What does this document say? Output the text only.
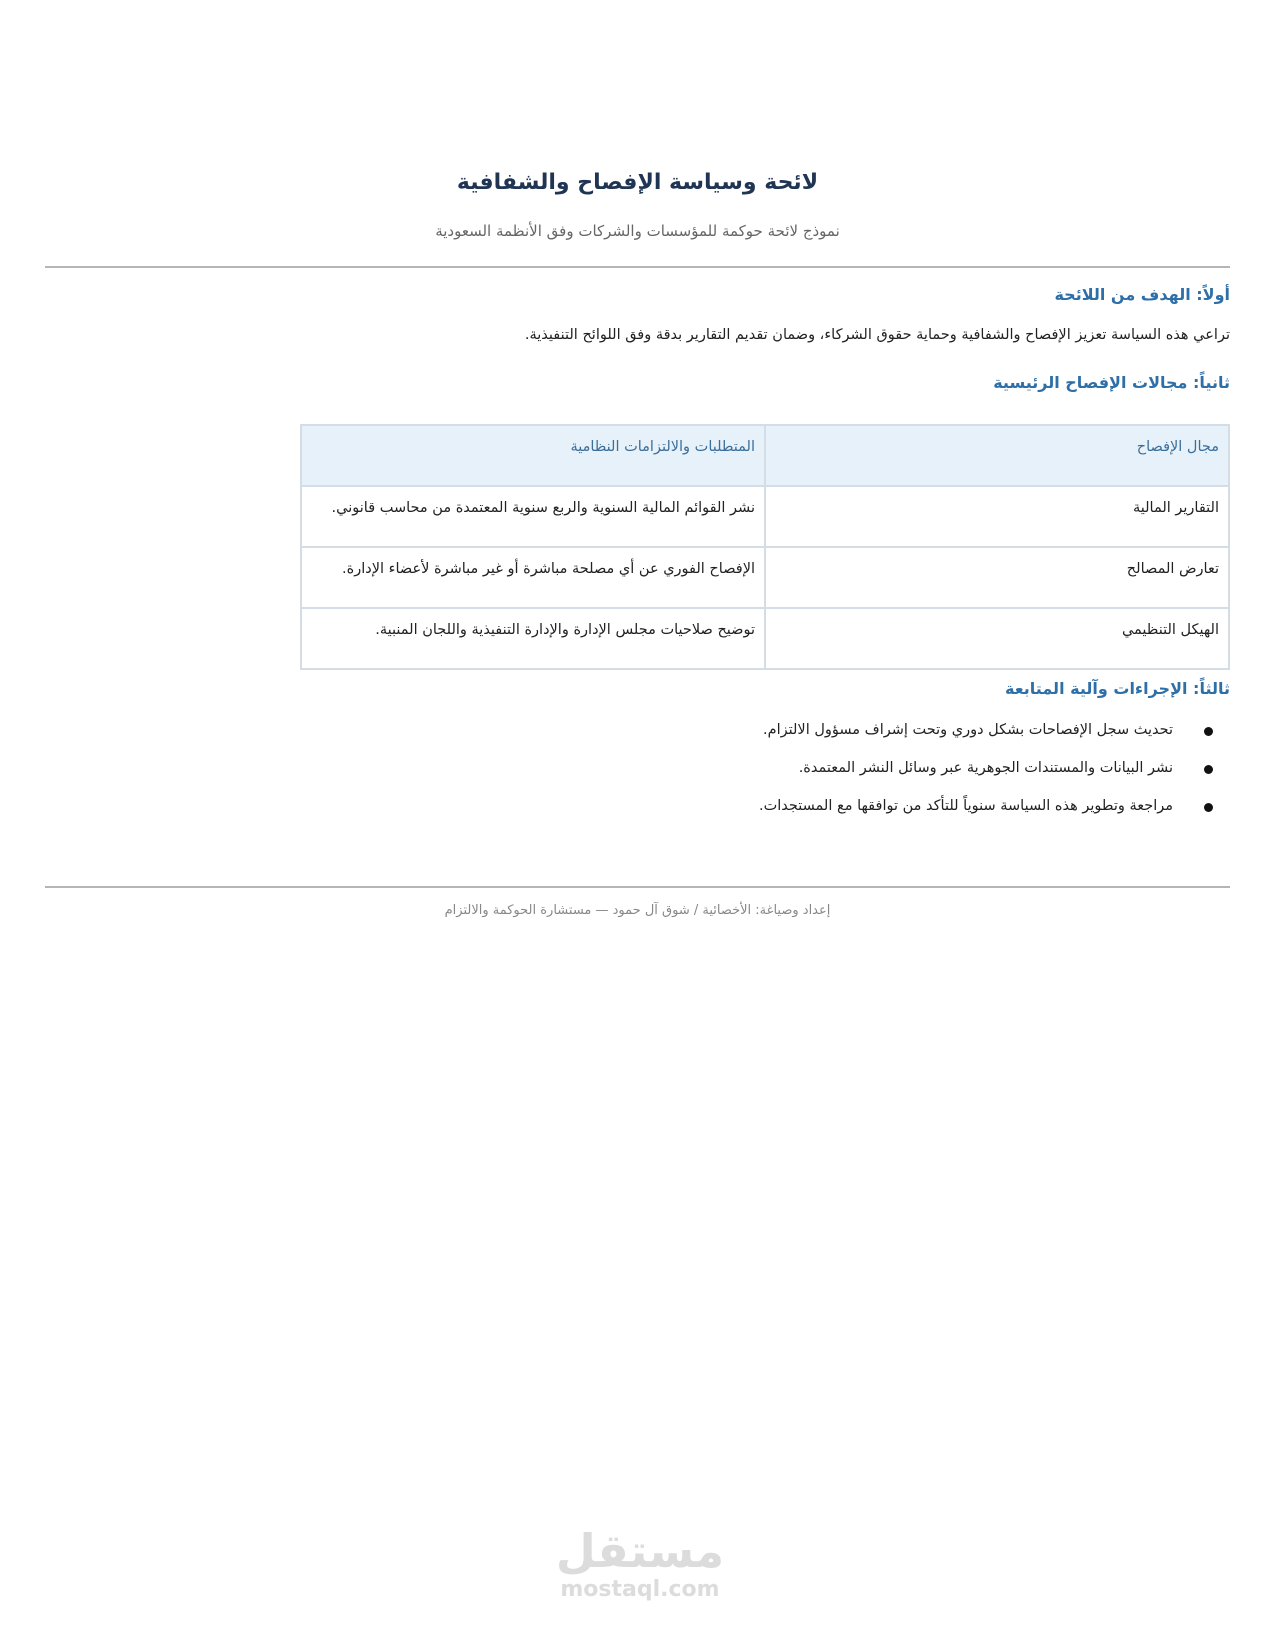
لائحة وسياسة الإفصاح والشفافية
نموذج لائحة حوكمة للمؤسسات والشركات وفق الأنظمة السعودية
أولاً: الهدف من اللائحة

تراعي هذه السياسة تعزيز الإفصاح والشفافية وحماية حقوق الشركاء، وضمان تقديم التقارير بدقة وفق اللوائح التنفيذية.

ثانياً: مجالات الإفصاح الرئيسية
مجال الإفصاح	المتطلبات والالتزامات النظامية
التقارير المالية	نشر القوائم المالية السنوية والربع سنوية المعتمدة من محاسب قانوني.
تعارض المصالح	الإفصاح الفوري عن أي مصلحة مباشرة أو غير مباشرة لأعضاء الإدارة.
الهيكل التنظيمي	توضيح صلاحيات مجلس الإدارة والإدارة التنفيذية واللجان المنبية.
ثالثاً: الإجراءات وآلية المتابعة
تحديث سجل الإفصاحات بشكل دوري وتحت إشراف مسؤول الالتزام.
نشر البيانات والمستندات الجوهرية عبر وسائل النشر المعتمدة.
مراجعة وتطوير هذه السياسة سنوياً للتأكد من توافقها مع المستجدات.
إعداد وصياغة: الأخصائية / شوق آل حمود — مستشارة الحوكمة والالتزام
مستقل
mostaql.com
